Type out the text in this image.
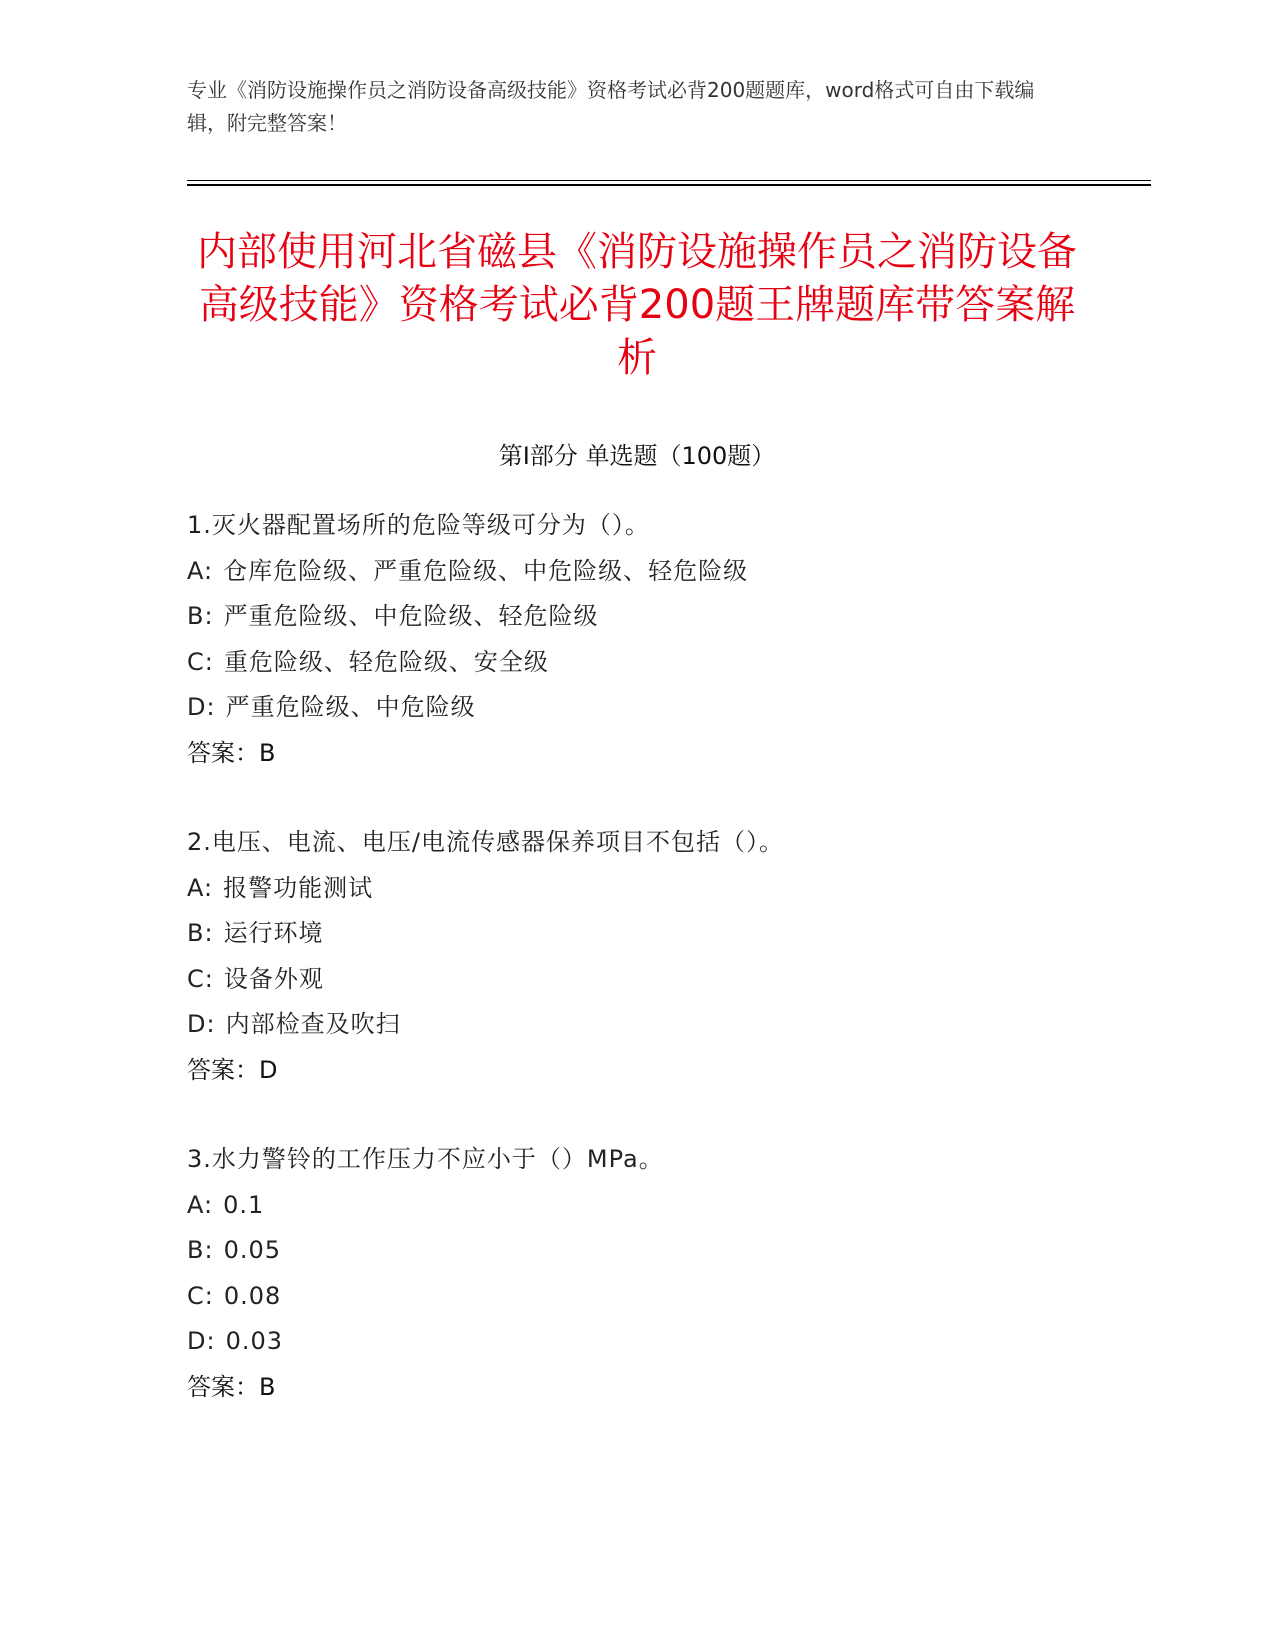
专业《消防设施操作员之消防设备高级技能》资格考试必背200题题库，word格式可自由下载编辑，附完整答案！
内部使用河北省磁县《消防设施操作员之消防设备高级技能》资格考试必背200题王牌题库带答案解析
第Ⅰ部分 单选题（100题）
1.灭火器配置场所的危险等级可分为（）。
A: 仓库危险级、严重危险级、中危险级、轻危险级
B: 严重危险级、中危险级、轻危险级
C: 重危险级、轻危险级、安全级
D: 严重危险级、中危险级
答案：B
2.电压、电流、电压/电流传感器保养项目不包括（）。
A: 报警功能测试
B: 运行环境
C: 设备外观
D: 内部检查及吹扫
答案：D
3.水力警铃的工作压力不应小于（）MPa。
A: 0.1
B: 0.05
C: 0.08
D: 0.03
答案：B
